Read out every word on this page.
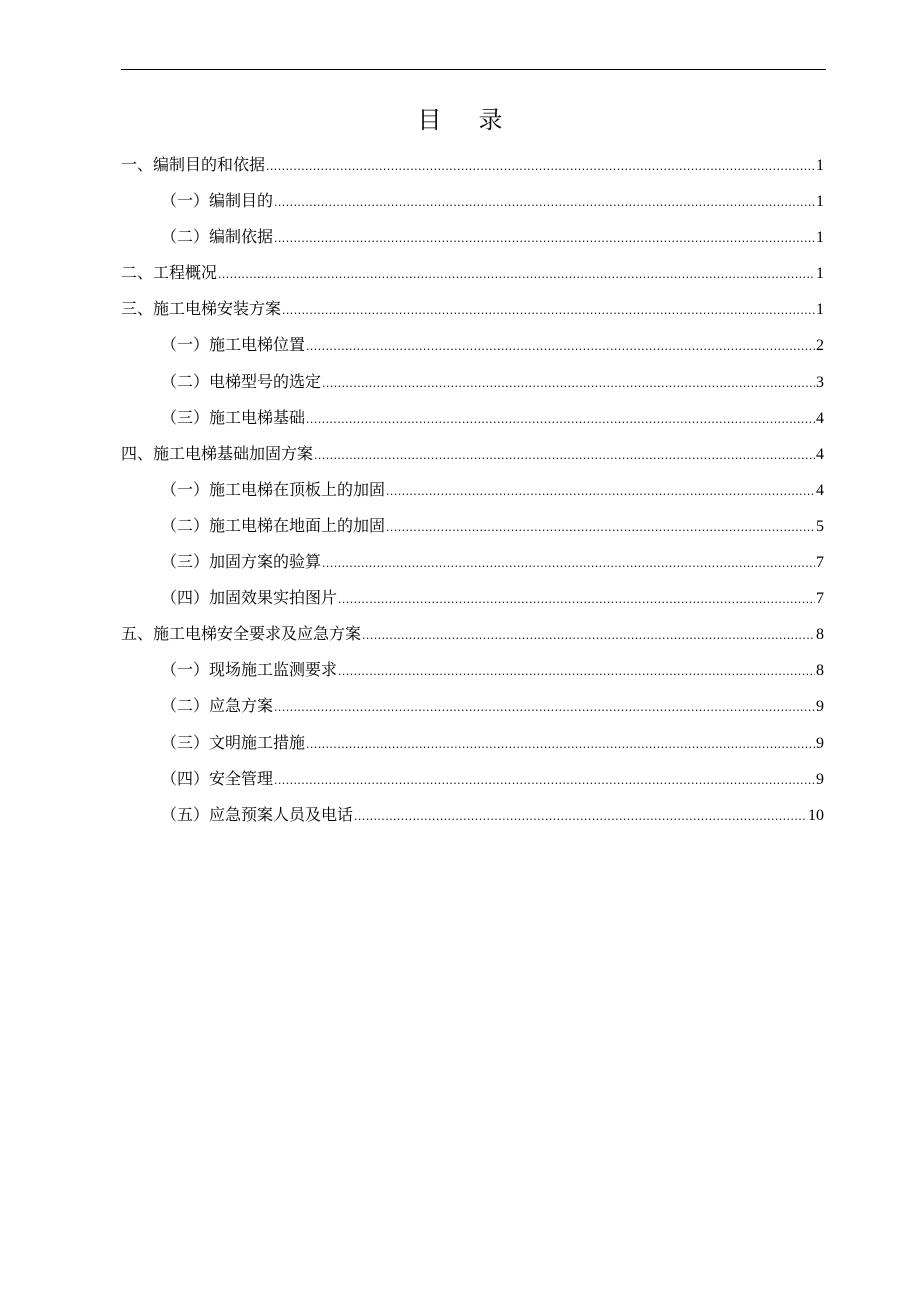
目 录
一、编制目的和依据 .....	1
（一）编制目的 .....	1
（二）编制依据 .....	1
二、工程概况 .....	1
三、施工电梯安装方案 .....	1
（一）施工电梯位置 .....	2
（二）电梯型号的选定 .....	3
（三）施工电梯基础 .....	4
四、施工电梯基础加固方案 .....	4
（一）施工电梯在顶板上的加固 .....	4
（二）施工电梯在地面上的加固 .....	5
（三）加固方案的验算 .....	7
（四）加固效果实拍图片 .....	7
五、施工电梯安全要求及应急方案 .....	8
（一）现场施工监测要求 .....	8
（二）应急方案 .....	9
（三）文明施工措施 .....	9
（四）安全管理 .....	9
（五）应急预案人员及电话 .....	10
